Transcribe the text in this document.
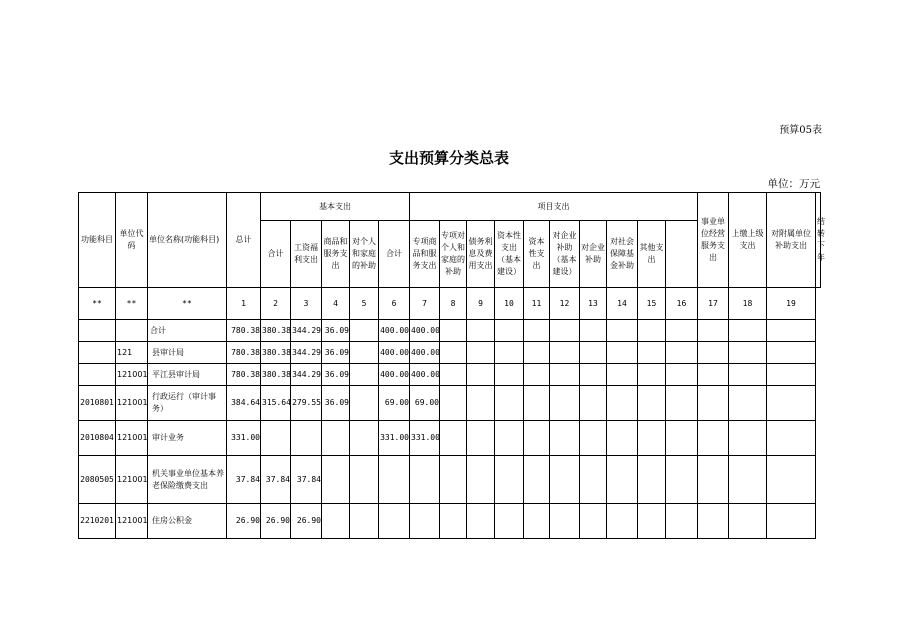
预算05表
支出预算分类总表
单位：万元
功能科目	单位代码	单位名称(功能科目)	总计	基本支出					项目支出										事业单位经营服务支出	上缴上级支出	对附属单位补助支出	结转下年
				合计	工资福利支出	商品和服务支出	对个人和家庭的补助	合计	专项商品和服务支出	专项对个人和家庭的补助	债务利息及费用支出	资本性支出（基本建设）	资本性支出	对企业补助（基本建设）	对企业补助	对社会保障基金补助	其他支出					
**	**	**	1	2	3	4	5	6	7	8	9	10	11	12	13	14	15	16	17	18	19	
		合计	780.38	380.38	344.29	36.09		400.00	400.00													
	121	县审计局	780.38	380.38	344.29	36.09		400.00	400.00													
	121001	平江县审计局	780.38	380.38	344.29	36.09		400.00	400.00													
2010801	121001	行政运行（审计事务）	384.64	315.64	279.55	36.09		69.00	69.00													
2010804	121001	审计业务	331.00					331.00	331.00													
2080505	121001	机关事业单位基本养老保险缴费支出	37.84	37.84	37.84																	
2210201	121001	住房公积金	26.90	26.90	26.90																	
